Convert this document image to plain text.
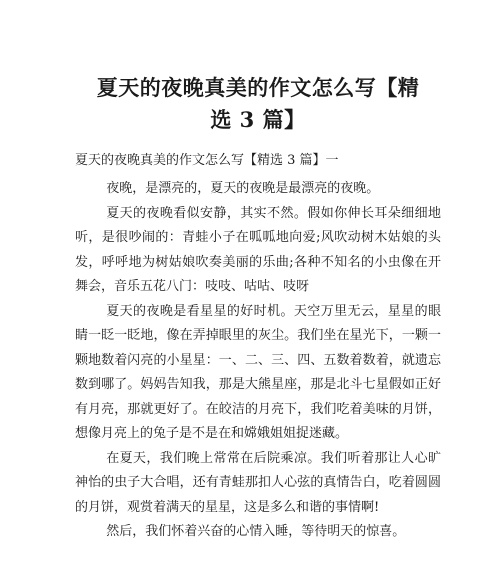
夏天的夜晚真美的作文怎么写【精选 3 篇】

夏天的夜晚真美的作文怎么写【精选 3 篇】一

夜晚，是漂亮的，夏天的夜晚是最漂亮的夜晚。

夏天的夜晚看似安静，其实不然。假如你伸长耳朵细细地听，是很吵闹的：青蛙小子在呱呱地向爱;风吹动树木姑娘的头发，呼呼地为树姑娘吹奏美丽的乐曲;各种不知名的小虫像在开舞会，音乐五花八门：吱吱、咕咕、吱呀

夏天的夜晚是看星星的好时机。天空万里无云，星星的眼睛一眨一眨地，像在弄掉眼里的灰尘。我们坐在星光下，一颗一颗地数着闪亮的小星星：一、二、三、四、五数着数着，就遗忘数到哪了。妈妈告知我，那是大熊星座，那是北斗七星假如正好有月亮，那就更好了。在皎洁的月亮下，我们吃着美味的月饼，想像月亮上的兔子是不是在和嫦娥姐姐捉迷藏。

在夏天，我们晚上常常在后院乘凉。我们听着那让人心旷神怡的虫子大合唱，还有青蛙那扣人心弦的真情告白，吃着圆圆的月饼，观赏着满天的星星，这是多么和谐的事情啊!

然后，我们怀着兴奋的心情入睡，等待明天的惊喜。
